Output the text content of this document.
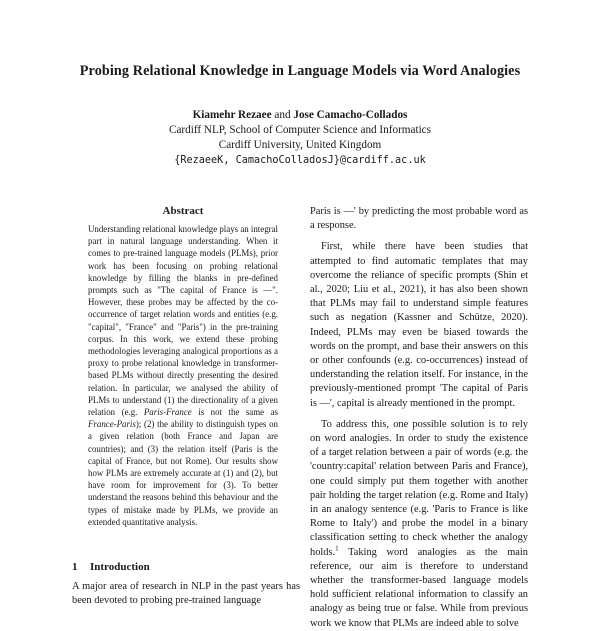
Probing Relational Knowledge in Language Models via Word Analogies
Kiamehr Rezaee and Jose Camacho-Collados
Cardiff NLP, School of Computer Science and Informatics
Cardiff University, United Kingdom
{RezaeeK, CamachoColladosJ}@cardiff.ac.uk
Abstract

Understanding relational knowledge plays an integral part in natural language understanding. When it comes to pre-trained language models (PLMs), prior work has been focusing on probing relational knowledge by filling the blanks in pre-defined prompts such as "The capital of France is —". However, these probes may be affected by the co-occurrence of target relation words and entities (e.g. "capital", "France" and "Paris") in the pre-training corpus. In this work, we extend these probing methodologies leveraging analogical proportions as a proxy to probe relational knowledge in transformer-based PLMs without directly presenting the desired relation. In particular, we analysed the ability of PLMs to understand (1) the directionality of a given relation (e.g. Paris-France is not the same as France-Paris); (2) the ability to distinguish types on a given relation (both France and Japan are countries); and (3) the relation itself (Paris is the capital of France, but not Rome). Our results show how PLMs are extremely accurate at (1) and (2), but have room for improvement for (3). To better understand the reasons behind this behaviour and the types of mistake made by PLMs, we provide an extended quantitative analysis.

1 Introduction

A major area of research in NLP in the past years has been devoted to probing pre-trained language

Paris is —' by predicting the most probable word as a response.

First, while there have been studies that attempted to find automatic templates that may overcome the reliance of specific prompts (Shin et al., 2020; Liu et al., 2021), it has also been shown that PLMs may fail to understand simple features such as negation (Kassner and Schütze, 2020). Indeed, PLMs may even be biased towards the words on the prompt, and base their answers on this or other confounds (e.g. co-occurrences) instead of understanding the relation itself. For instance, in the previously-mentioned prompt 'The capital of Paris is —', capital is already mentioned in the prompt.

To address this, one possible solution is to rely on word analogies. In order to study the existence of a target relation between a pair of words (e.g. the 'country:capital' relation between Paris and France), one could simply put them together with another pair holding the target relation (e.g. Rome and Italy) in an analogy sentence (e.g. 'Paris to France is like Rome to Italy') and probe the model in a binary classification setting to check whether the analogy holds.$^1$ Taking word analogies as the main reference, our aim is therefore to understand whether the transformer-based language models hold sufficient relational information to classify an analogy as being true or false. While from previous work we know that PLMs are indeed able to solve
